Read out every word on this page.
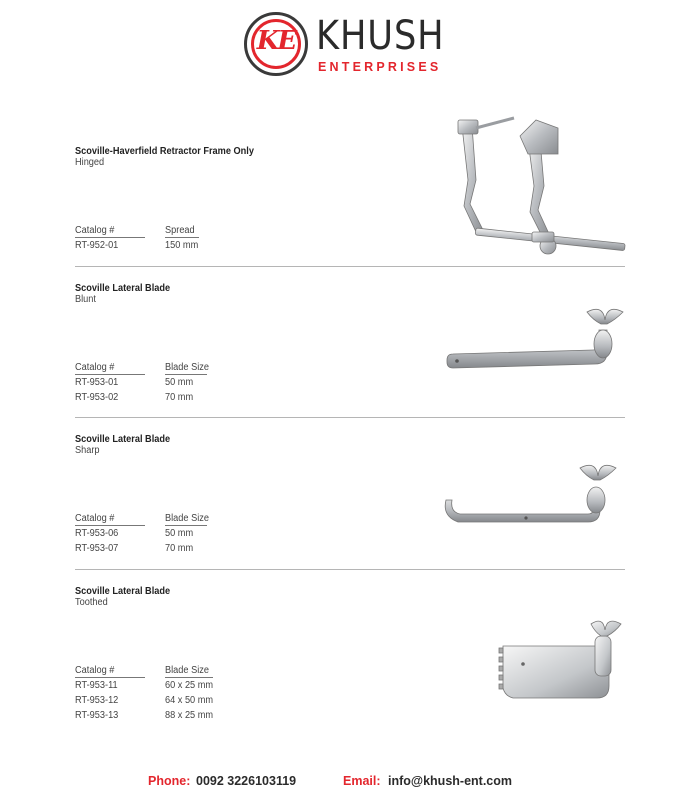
KE KHUSH
ENTERPRISES
Scoville-Haverfield Retractor Frame Only
Hinged
Catalog #	Spread
RT-952-01	150 mm
Scoville Lateral Blade
Blunt
Catalog #	Blade Size
RT-953-01	50 mm
RT-953-02	70 mm
Scoville Lateral Blade
Sharp
Catalog #	Blade Size
RT-953-06	50 mm
RT-953-07	70 mm
Scoville Lateral Blade
Toothed
Catalog #	Blade Size
RT-953-11	60 x 25 mm
RT-953-12	64 x 50 mm
RT-953-13	88 x 25 mm
Phone: 0092 3226103119	Email: info@khush-ent.com
